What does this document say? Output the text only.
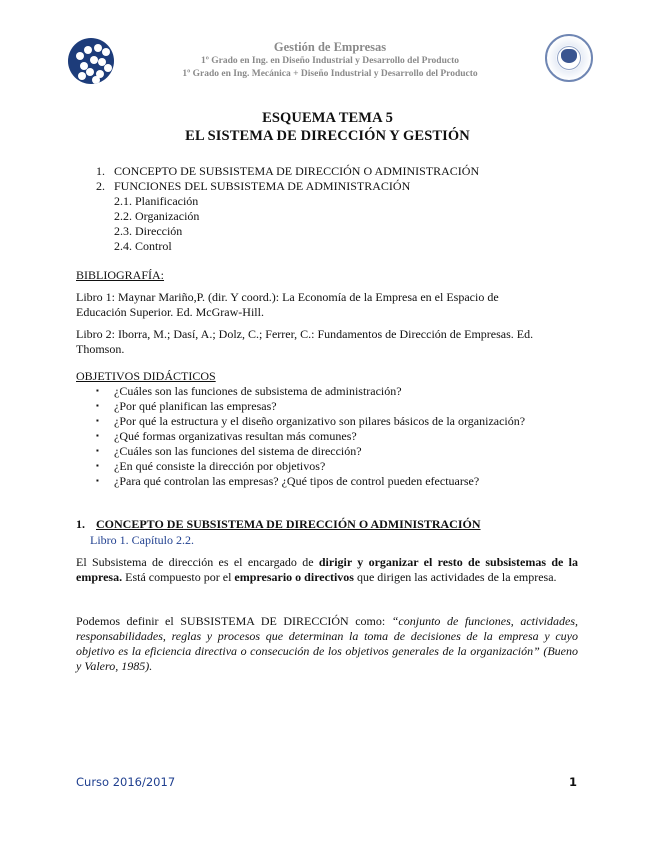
Gestión de Empresas
1º Grado en Ing. en Diseño Industrial y Desarrollo del Producto
1º Grado en Ing. Mecánica + Diseño Industrial y Desarrollo del Producto
ESQUEMA TEMA 5
EL SISTEMA DE DIRECCIÓN Y GESTIÓN
1. CONCEPTO DE SUBSISTEMA DE DIRECCIÓN O ADMINISTRACIÓN
2. FUNCIONES DEL SUBSISTEMA DE ADMINISTRACIÓN
2.1. Planificación
2.2. Organización
2.3. Dirección
2.4. Control
BIBLIOGRAFÍA:
Libro 1: Maynar Mariño,P. (dir. Y coord.): La Economía de la Empresa en el Espacio de
Educación Superior. Ed. McGraw-Hill.
Libro 2: Iborra, M.; Dasí, A.; Dolz, C.; Ferrer, C.: Fundamentos de Dirección de Empresas. Ed.
Thomson.
OBJETIVOS DIDÁCTICOS
▪ ¿Cuáles son las funciones de subsistema de administración?
▪ ¿Por qué planifican las empresas?
▪ ¿Por qué la estructura y el diseño organizativo son pilares básicos de la organización?
▪ ¿Qué formas organizativas resultan más comunes?
▪ ¿Cuáles son las funciones del sistema de dirección?
▪ ¿En qué consiste la dirección por objetivos?
▪ ¿Para qué controlan las empresas? ¿Qué tipos de control pueden efectuarse?
1. CONCEPTO DE SUBSISTEMA DE DIRECCIÓN O ADMINISTRACIÓN
Libro 1. Capítulo 2.2.
El Subsistema de dirección es el encargado de dirigir y organizar el resto de subsistemas de la empresa. Está compuesto por el empresario o directivos que dirigen las actividades de la empresa.
Podemos definir el SUBSISTEMA DE DIRECCIÓN como: “conjunto de funciones, actividades, responsabilidades, reglas y procesos que determinan la toma de decisiones de la empresa y cuyo objetivo es la eficiencia directiva o consecución de los objetivos generales de la organización” (Bueno y Valero, 1985).
Curso 2016/2017	1
